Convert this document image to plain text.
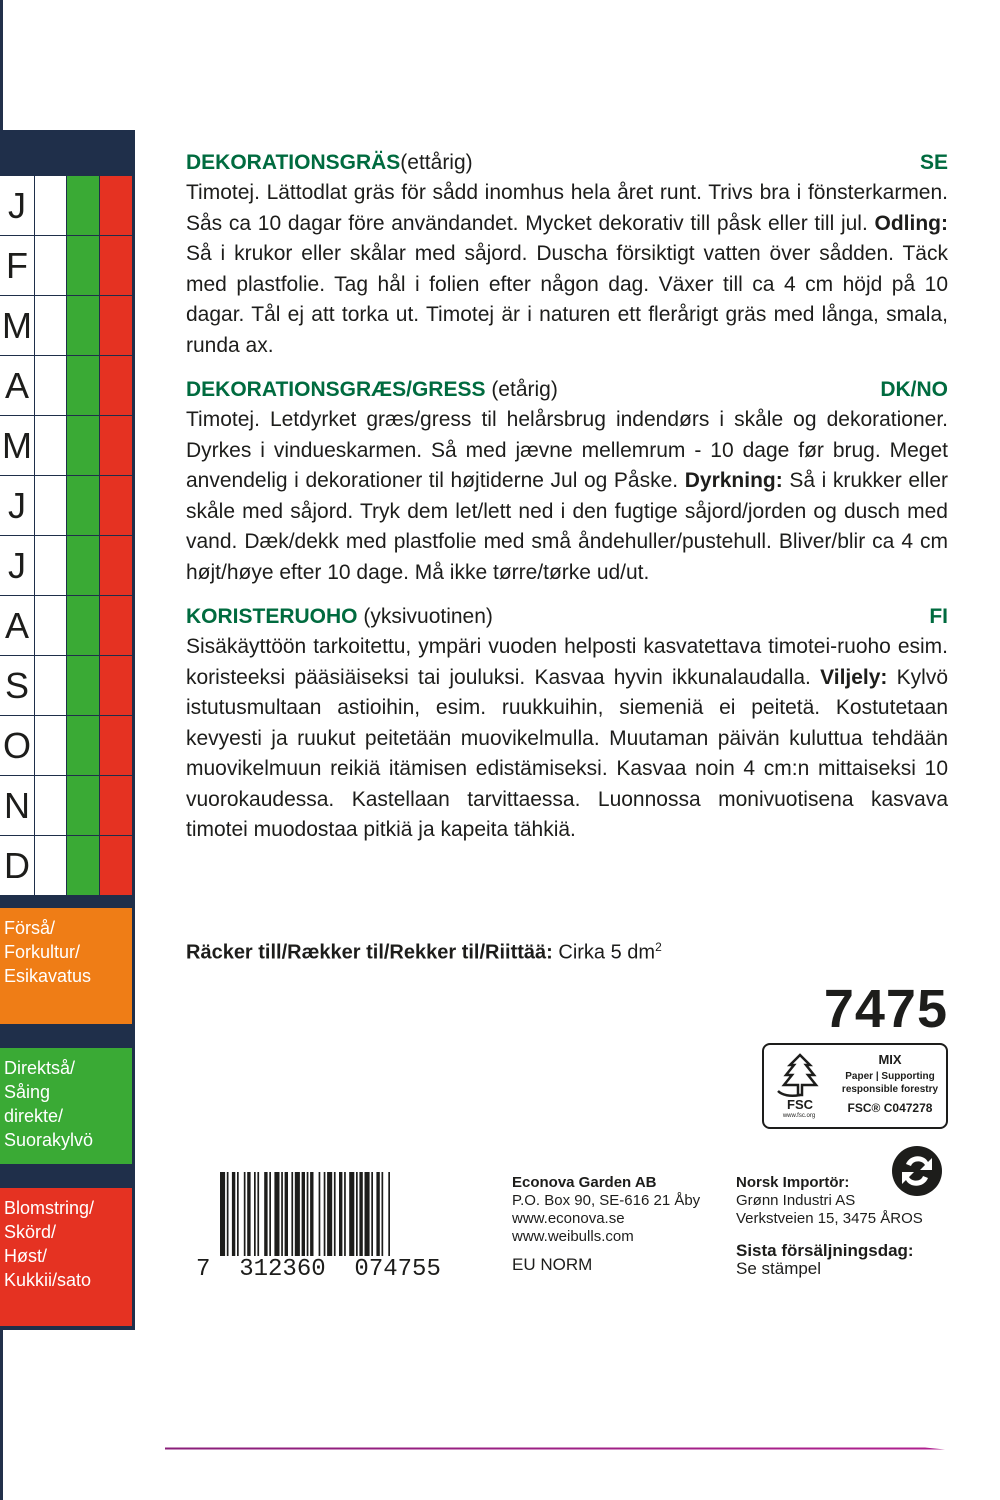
J
F
M
A
M
J
J
A
S
O
N
D
Förså/
Forkultur/
Esikavatus
Direktså/
Såing
direkte/
Suorakylvö
Blomstring/
Skörd/
Høst/
Kukkii/sato
DEKORATIONSGRÄS(ettårig)	SE
Timotej. Lättodlat gräs för sådd inomhus hela året runt. Trivs bra i fönsterkarmen. Sås ca 10 dagar före användandet. Mycket dekorativ till påsk eller till jul. Odling: Så i krukor eller skålar med såjord. Duscha försiktigt vatten över sådden. Täck med plastfolie. Tag hål i folien efter någon dag. Växer till ca 4 cm höjd på 10 dagar. Tål ej att torka ut. Timotej är i naturen ett flerårigt gräs med långa, smala, runda ax.
DEKORATIONSGRÆS/GRESS (etårig)	DK/NO
Timotej. Letdyrket græs/gress til helårsbrug indendørs i skåle og dekorationer. Dyrkes i vindueskarmen. Så med jævne mellemrum - 10 dage før brug. Meget anvendelig i dekorationer til højtiderne Jul og Påske. Dyrkning: Så i krukker eller skåle med såjord. Tryk dem let/lett ned i den fugtige såjord/jorden og dusch med vand. Dæk/dekk med plastfolie med små åndehuller/pustehull. Bliver/blir ca 4 cm højt/høye efter 10 dage. Må ikke tørre/tørke ud/ut.
KORISTERUOHO (yksivuotinen)	FI
Sisäkäyttöön tarkoitettu, ympäri vuoden helposti kasvatettava timotei-ruoho esim. koristeeksi pääsiäiseksi tai jouluksi. Kasvaa hyvin ikkunalaudalla. Viljely: Kylvö istutusmultaan astioihin, esim. ruukkuihin, siemeniä ei peitetä. Kostutetaan kevyesti ja ruukut peitetään muovikelmulla. Muutaman päivän kuluttua tehdään muovikelmuun reikiä itämisen edistämiseksi. Kasvaa noin 4 cm:n mittaiseksi 10 vuorokaudessa. Kastellaan tarvittaessa. Luonnossa monivuotisena kasvava timotei muodostaa pitkiä ja kapeita tähkiä.
Räcker till/Rækker til/Rekker til/Riittää: Cirka 5 $dm^2$
7475
FSC
www.fsc.org
MIX
Paper | Supporting responsible forestry
FSC® C047278
7  312360  074755
Econova Garden AB
P.O. Box 90, SE-616 21 Åby
www.econova.se
www.weibulls.com
EU NORM
Norsk Importör:
Grønn Industri AS
Verkstveien 15, 3475 ÅROS
Sista försäljningsdag:
Se stämpel
